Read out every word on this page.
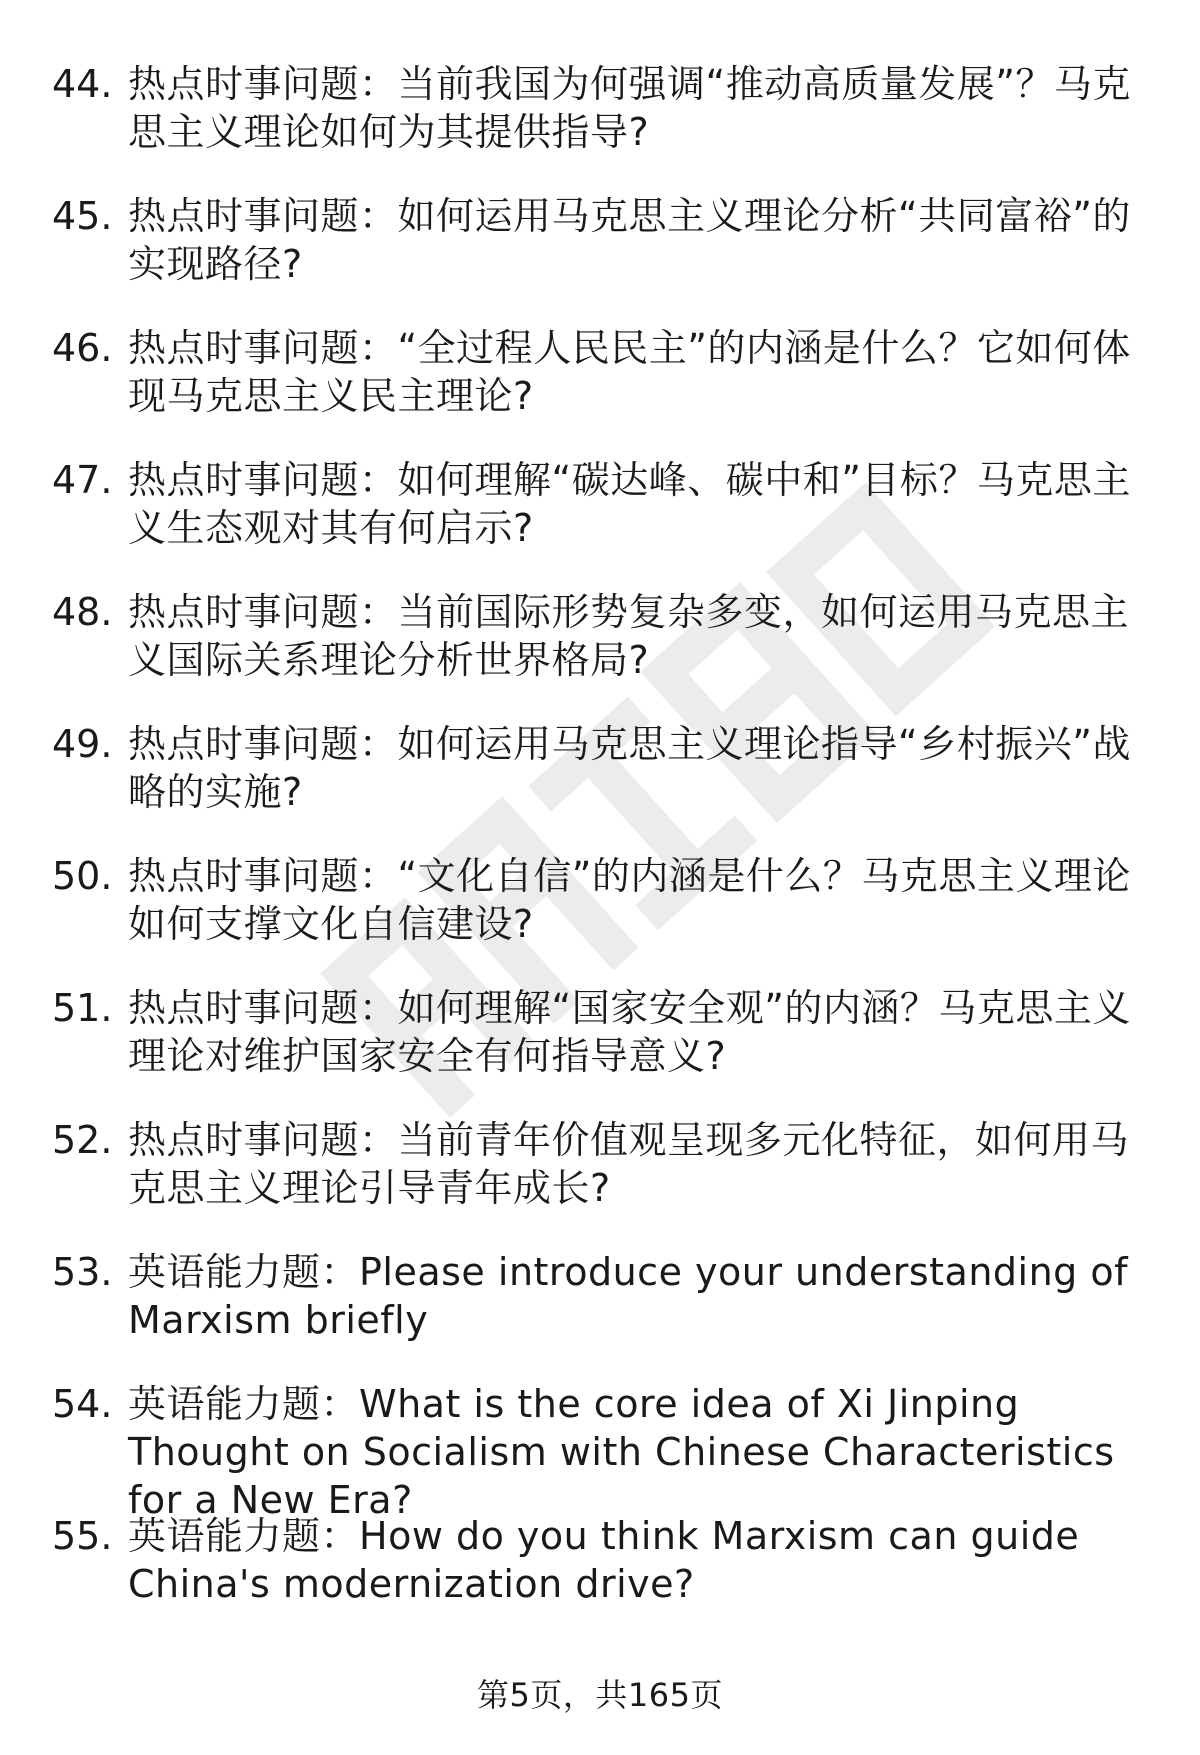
44. 热点时事问题：当前我国为何强调“推动高质量发展”？马克思主义理论如何为其提供指导?
45. 热点时事问题：如何运用马克思主义理论分析“共同富裕”的实现路径?
46. 热点时事问题：“全过程人民民主”的内涵是什么？它如何体现马克思主义民主理论?
47. 热点时事问题：如何理解“碳达峰、碳中和”目标？马克思主义生态观对其有何启示?
48. 热点时事问题：当前国际形势复杂多变，如何运用马克思主义国际关系理论分析世界格局?
49. 热点时事问题：如何运用马克思主义理论指导“乡村振兴”战略的实施?
50. 热点时事问题：“文化自信”的内涵是什么？马克思主义理论如何支撑文化自信建设?
51. 热点时事问题：如何理解“国家安全观”的内涵？马克思主义理论对维护国家安全有何指导意义?
52. 热点时事问题：当前青年价值观呈现多元化特征，如何用马克思主义理论引导青年成长?
53. 英语能力题：Please introduce your understanding of Marxism briefly
54. 英语能力题：What is the core idea of Xi Jinping Thought on Socialism with Chinese Characteristics for a New Era?
55. 英语能力题：How do you think Marxism can guide China's modernization drive?
第5页，共165页
